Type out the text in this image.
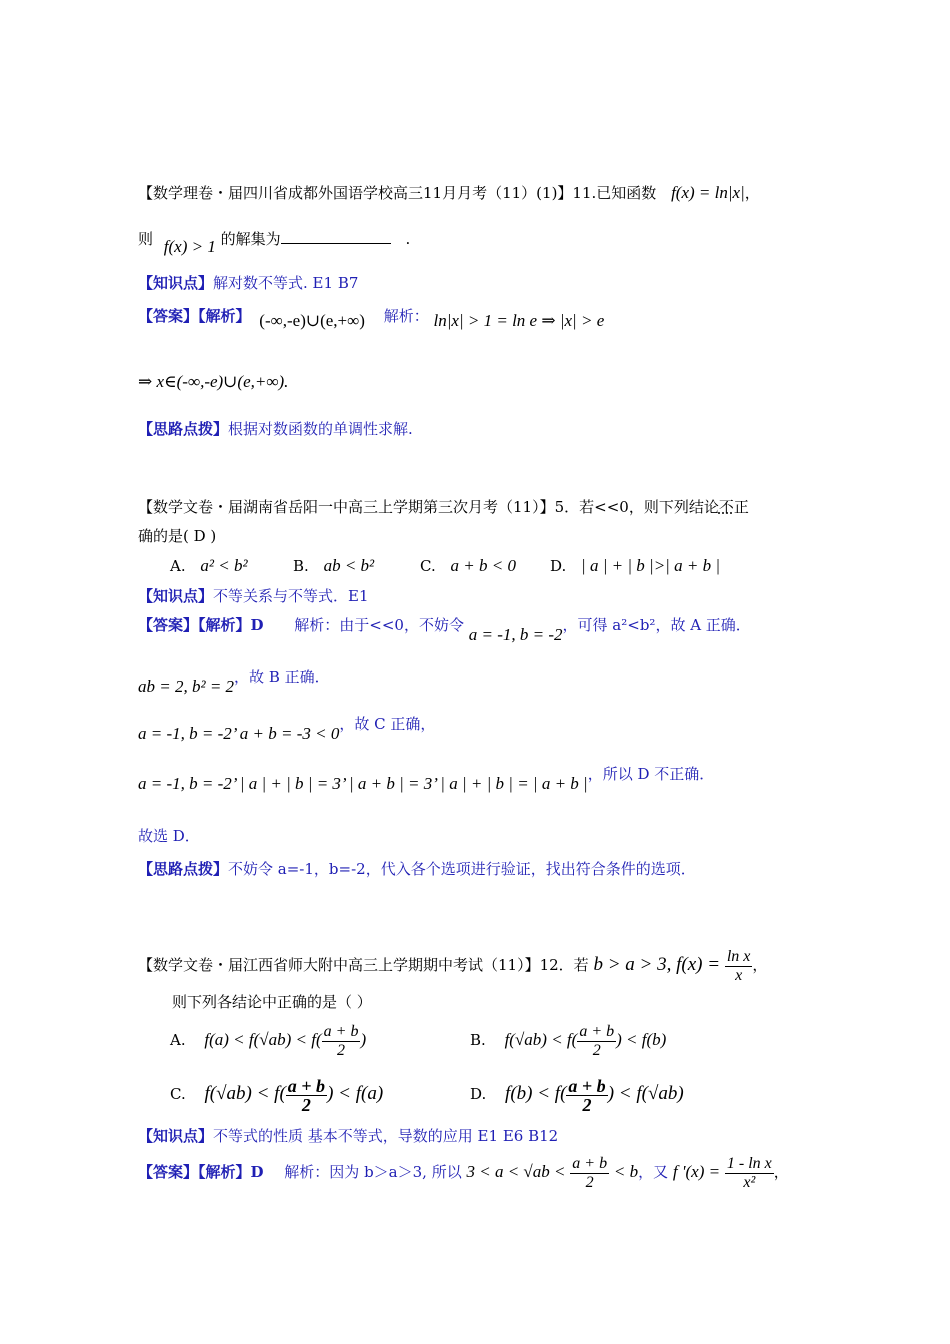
【数学理卷・届四川省成都外国语学校高三11月月考（11）(1)】11.已知函数 f(x) = ln|x|，
则 f(x) > 1 的解集为	.
【知识点】解对数不等式. E1 B7
【答案】【解析】 (-∞,-e)∪(e,+∞) 解析： ln|x| > 1 = ln e ⇒ |x| > e
⇒ x∈(-∞,-e)∪(e,+∞).
【思路点拨】根据对数函数的单调性求解.
【数学文卷・届湖南省岳阳一中高三上学期第三次月考（11）】5．若<<0，则下列结论不正
确的是( D )
A. a² < b²	B. ab < b²	C. a + b < 0 D. | a | + | b |>| a + b |
【知识点】不等关系与不等式．E1
【答案】【解析】D 解析：由于<<0，不妨令 a = -1, b = -2，可得 a²<b²，故 A 正确．
ab = 2, b² = 2，故 B 正确．
a = -1, b = -2’ a + b = -3 < 0，故 C 正确，
a = -1, b = -2’ | a | + | b | = 3’ | a + b | = 3’ | a | + | b | = | a + b |，所以 D 不正确．
故选 D．
【思路点拨】不妨令 a=-1，b=-2，代入各个选项进行验证，找出符合条件的选项．
【数学文卷・届江西省师大附中高三上学期期中考试（11）】12．若 b > a > 3, $f(x) = \frac{\text{ln x}}{x}$ ，
则下列各结论中正确的是（ ）
A. $f(a) < f(√ab) < f( \frac{a + b}{2}$ )	B. $f(√ab) < f( \frac{a + b}{2}$ ) < f(b)
C. $f(√ab) < f( \frac{a + b}{2}$ ) < f(a)	D. $f(b) < f( \frac{a + b}{2}$ ) < f(√ab)
【知识点】不等式的性质 基本不等式，导数的应用 E1 E6 B12
【答案】【解析】D 解析：因为 b＞a＞3, 所以 $3 < a < √ab < \frac{a + b}{2} < b$，又 f '$(x) = \frac{\text{1 - ln x}}{\text{x²}}$ ，
